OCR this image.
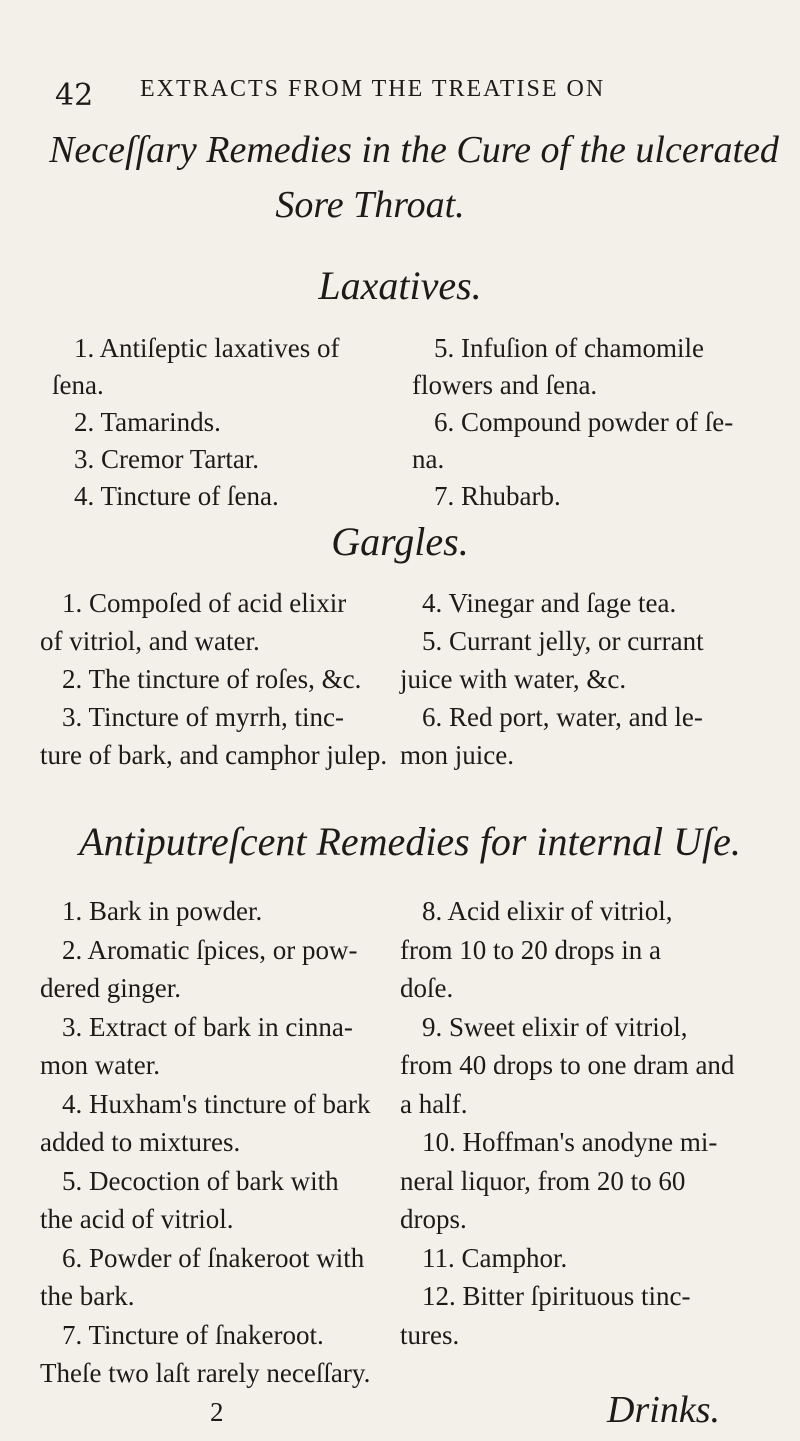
42 EXTRACTS FROM THE TREATISE ON
Neceſſary Remedies in the Cure of the ulcerated
Sore Throat.
Laxatives.
1. Antiſeptic laxatives of
ſena.
2. Tamarinds.
3. Cremor Tartar.
4. Tincture of ſena.
5. Infuſion of chamomile
flowers and ſena.
6. Compound powder of ſe-
na.
7. Rhubarb.
Gargles.
1. Compoſed of acid elixir
of vitriol, and water.
2. The tincture of roſes, &c.
3. Tincture of myrrh, tinc-
ture of bark, and camphor julep.
4. Vinegar and ſage tea.
5. Currant jelly, or currant
juice with water, &c.
6. Red port, water, and le-
mon juice.
Antiputreſcent Remedies for internal Uſe.
1. Bark in powder.
2. Aromatic ſpices, or pow-
dered ginger.
3. Extract of bark in cinna-
mon water.
4. Huxham's tincture of bark
added to mixtures.
5. Decoction of bark with
the acid of vitriol.
6. Powder of ſnakeroot with
the bark.
7. Tincture of ſnakeroot.
Theſe two laſt rarely neceſſary.
2
8. Acid elixir of vitriol,
from 10 to 20 drops in a
doſe.
9. Sweet elixir of vitriol,
from 40 drops to one dram and
a half.
10. Hoffman's anodyne mi-
neral liquor, from 20 to 60
drops.
11. Camphor.
12. Bitter ſpirituous tinc-
tures.
Drinks.
